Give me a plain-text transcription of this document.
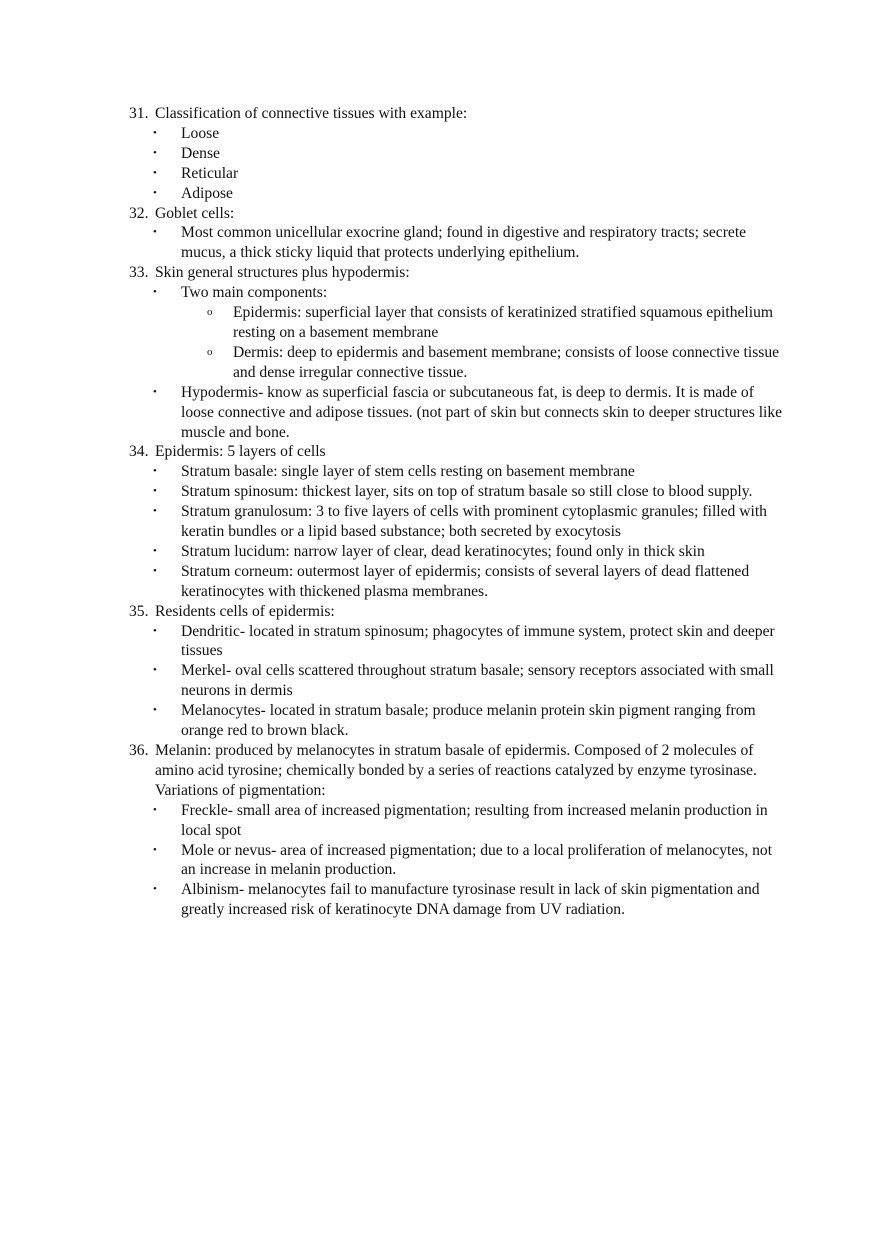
31. Classification of connective tissues with example:
• Loose
• Dense
• Reticular
• Adipose
32. Goblet cells:
• Most common unicellular exocrine gland; found in digestive and respiratory tracts; secrete mucus, a thick sticky liquid that protects underlying epithelium.
33. Skin general structures plus hypodermis:
• Two main components:
o Epidermis: superficial layer that consists of keratinized stratified squamous epithelium resting on a basement membrane
o Dermis: deep to epidermis and basement membrane; consists of loose connective tissue and dense irregular connective tissue.
• Hypodermis- know as superficial fascia or subcutaneous fat, is deep to dermis. It is made of loose connective and adipose tissues. (not part of skin but connects skin to deeper structures like muscle and bone.
34. Epidermis: 5 layers of cells
• Stratum basale: single layer of stem cells resting on basement membrane
• Stratum spinosum: thickest layer, sits on top of stratum basale so still close to blood supply.
• Stratum granulosum: 3 to five layers of cells with prominent cytoplasmic granules; filled with keratin bundles or a lipid based substance; both secreted by exocytosis
• Stratum lucidum: narrow layer of clear, dead keratinocytes; found only in thick skin
• Stratum corneum: outermost layer of epidermis; consists of several layers of dead flattened keratinocytes with thickened plasma membranes.
35. Residents cells of epidermis:
• Dendritic- located in stratum spinosum; phagocytes of immune system, protect skin and deeper tissues
• Merkel- oval cells scattered throughout stratum basale; sensory receptors associated with small neurons in dermis
• Melanocytes- located in stratum basale; produce melanin protein skin pigment ranging from orange red to brown black.
36. Melanin: produced by melanocytes in stratum basale of epidermis. Composed of 2 molecules of amino acid tyrosine; chemically bonded by a series of reactions catalyzed by enzyme tyrosinase.
Variations of pigmentation:
• Freckle- small area of increased pigmentation; resulting from increased melanin production in local spot
• Mole or nevus- area of increased pigmentation; due to a local proliferation of melanocytes, not an increase in melanin production.
• Albinism- melanocytes fail to manufacture tyrosinase result in lack of skin pigmentation and greatly increased risk of keratinocyte DNA damage from UV radiation.
